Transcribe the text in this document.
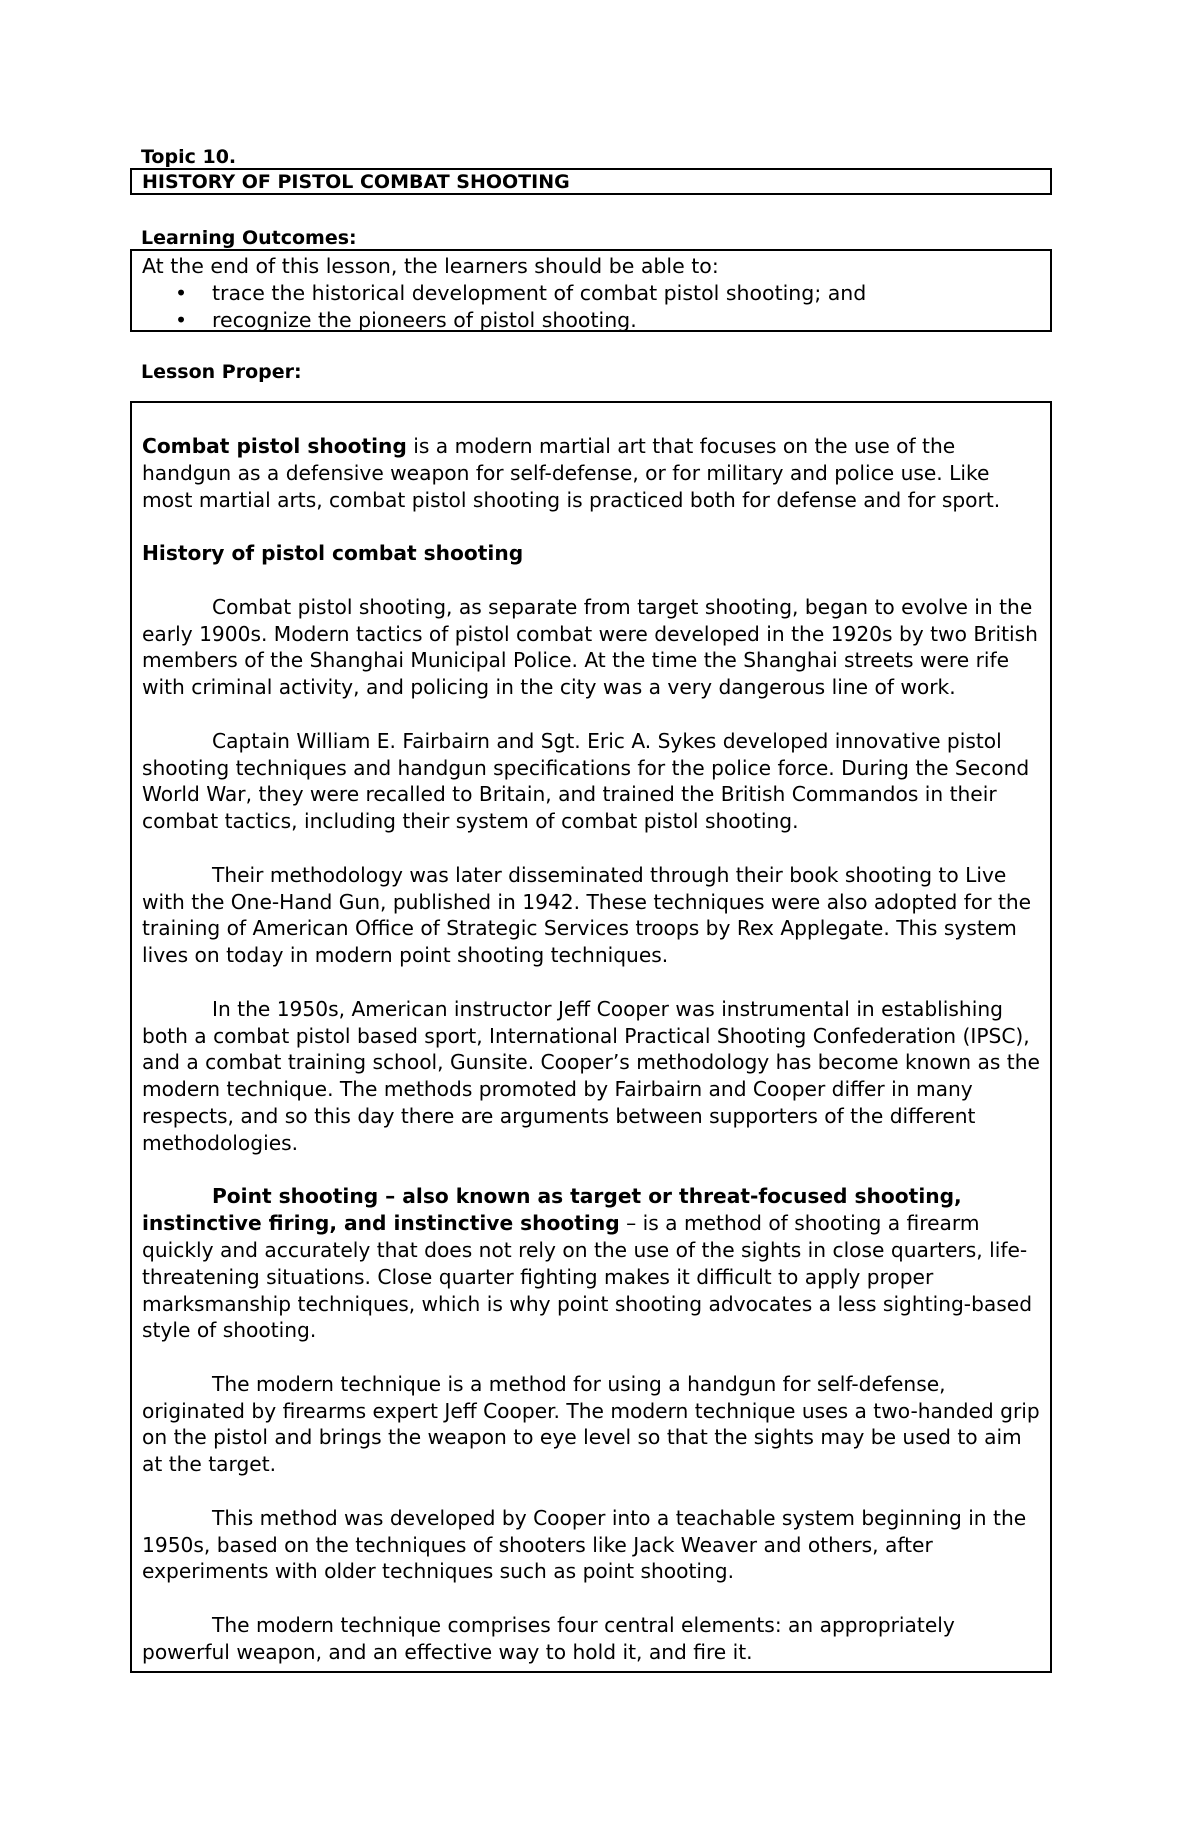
Topic 10.
HISTORY OF PISTOL COMBAT SHOOTING
Learning Outcomes:
At the end of this lesson, the learners should be able to:
• trace the historical development of combat pistol shooting; and
• recognize the pioneers of pistol shooting.
Lesson Proper:

Combat pistol shooting is a modern martial art that focuses on the use of the handgun as a defensive weapon for self-defense, or for military and police use. Like most martial arts, combat pistol shooting is practiced both for defense and for sport.

History of pistol combat shooting

Combat pistol shooting, as separate from target shooting, began to evolve in the early 1900s. Modern tactics of pistol combat were developed in the 1920s by two British members of the Shanghai Municipal Police. At the time the Shanghai streets were rife with criminal activity, and policing in the city was a very dangerous line of work.

Captain William E. Fairbairn and Sgt. Eric A. Sykes developed innovative pistol shooting techniques and handgun specifications for the police force. During the Second World War, they were recalled to Britain, and trained the British Commandos in their combat tactics, including their system of combat pistol shooting.

Their methodology was later disseminated through their book shooting to Live with the One-Hand Gun, published in 1942. These techniques were also adopted for the training of American Office of Strategic Services troops by Rex Applegate. This system lives on today in modern point shooting techniques.

In the 1950s, American instructor Jeff Cooper was instrumental in establishing both a combat pistol based sport, International Practical Shooting Confederation (IPSC), and a combat training school, Gunsite. Cooper’s methodology has become known as the modern technique. The methods promoted by Fairbairn and Cooper differ in many respects, and so this day there are arguments between supporters of the different methodologies.

Point shooting – also known as target or threat-focused shooting, instinctive firing, and instinctive shooting – is a method of shooting a firearm quickly and accurately that does not rely on the use of the sights in close quarters, life-threatening situations. Close quarter fighting makes it difficult to apply proper marksmanship techniques, which is why point shooting advocates a less sighting-based style of shooting.

The modern technique is a method for using a handgun for self-defense, originated by firearms expert Jeff Cooper. The modern technique uses a two-handed grip on the pistol and brings the weapon to eye level so that the sights may be used to aim at the target.

This method was developed by Cooper into a teachable system beginning in the 1950s, based on the techniques of shooters like Jack Weaver and others, after experiments with older techniques such as point shooting.

The modern technique comprises four central elements: an appropriately powerful weapon, and an effective way to hold it, and fire it.
